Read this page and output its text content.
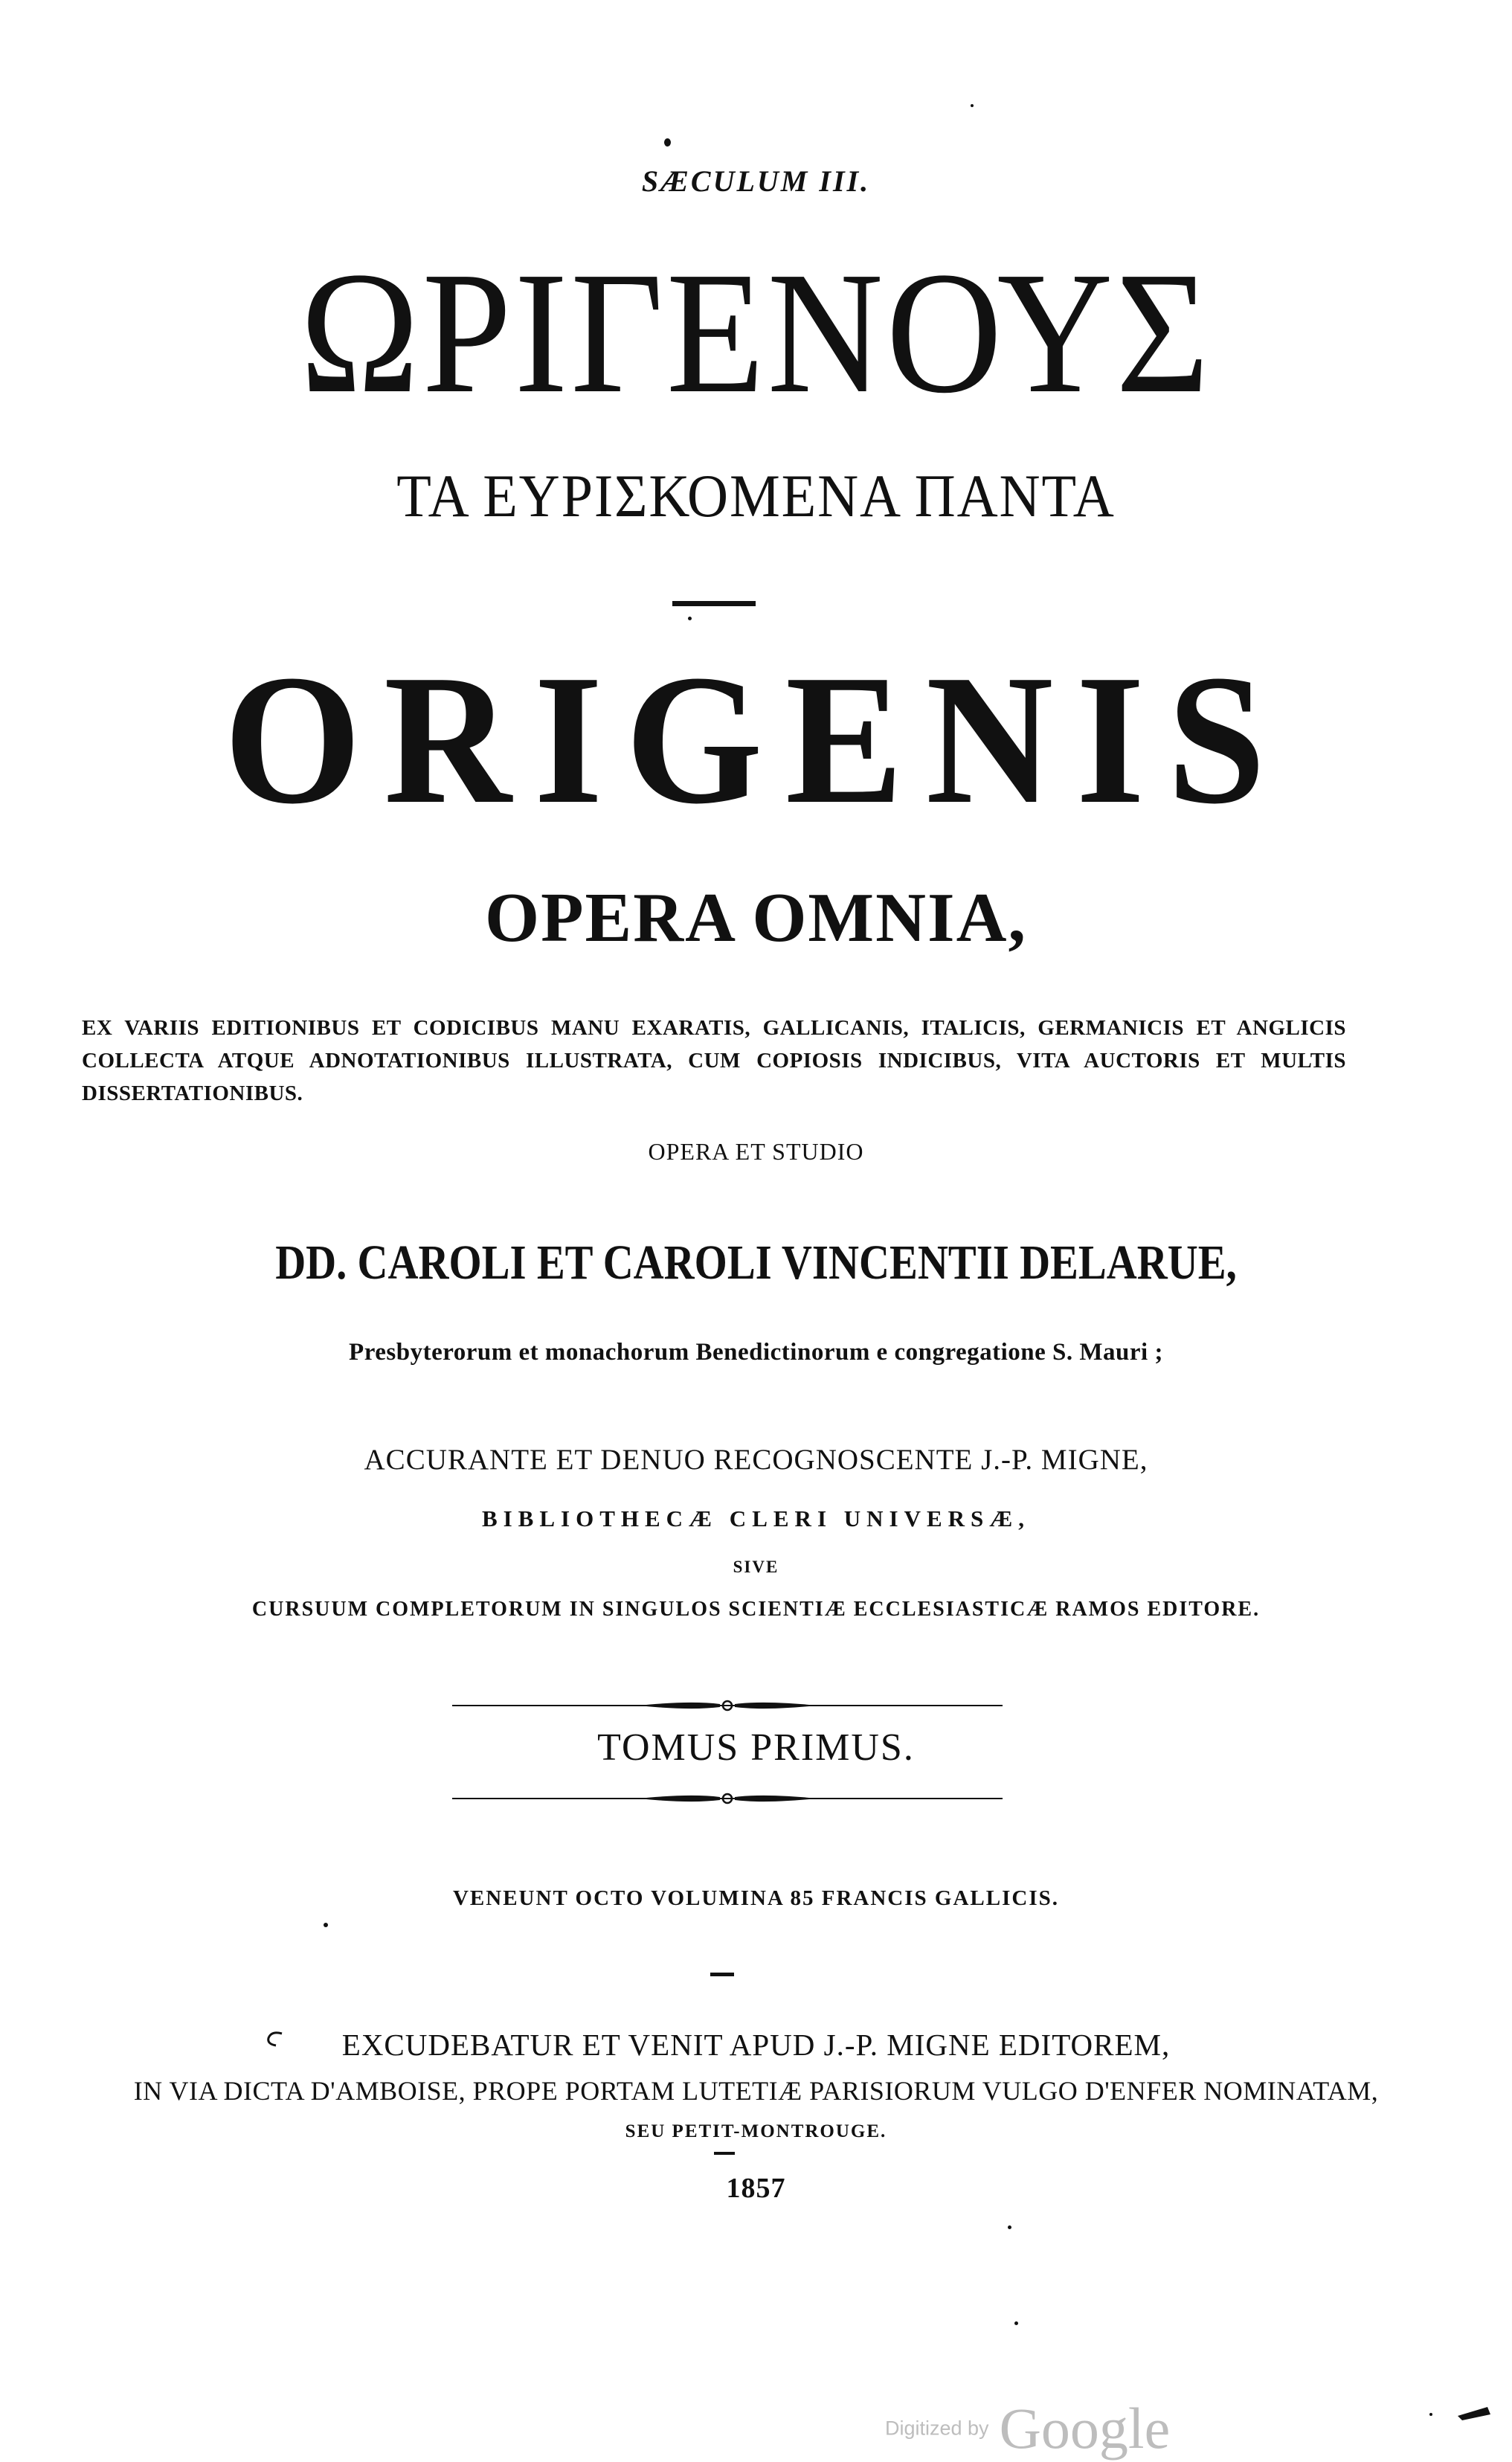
SÆCULUM III.
ΩΡΙΓΕΝΟΥΣ
ΤΑ ΕΥΡΙΣΚΟΜΕΝΑ ΠΑΝΤΑ
ORIGENIS
OPERA OMNIA,
EX VARIIS EDITIONIBUS ET CODICIBUS MANU EXARATIS, GALLICANIS, ITALICIS, GERMANICIS ET ANGLICIS COLLECTA ATQUE ADNOTATIONIBUS ILLUSTRATA, CUM COPIOSIS INDICIBUS, VITA AUCTORIS ET MULTIS DISSERTATIONIBUS.
OPERA ET STUDIO
DD. CAROLI ET CAROLI VINCENTII DELARUE,
Presbyterorum et monachorum Benedictinorum e congregatione S. Mauri ;
ACCURANTE ET DENUO RECOGNOSCENTE J.-P. MIGNE,
BIBLIOTHECÆ CLERI UNIVERSÆ,
SIVE
CURSUUM COMPLETORUM IN SINGULOS SCIENTIÆ ECCLESIASTICÆ RAMOS EDITORE.
TOMUS PRIMUS.
VENEUNT OCTO VOLUMINA 85 FRANCIS GALLICIS.
EXCUDEBATUR ET VENIT APUD J.-P. MIGNE EDITOREM,
IN VIA DICTA D'AMBOISE, PROPE PORTAM LUTETIÆ PARISIORUM VULGO D'ENFER NOMINATAM,
SEU PETIT-MONTROUGE.
1857
Digitized by Google
